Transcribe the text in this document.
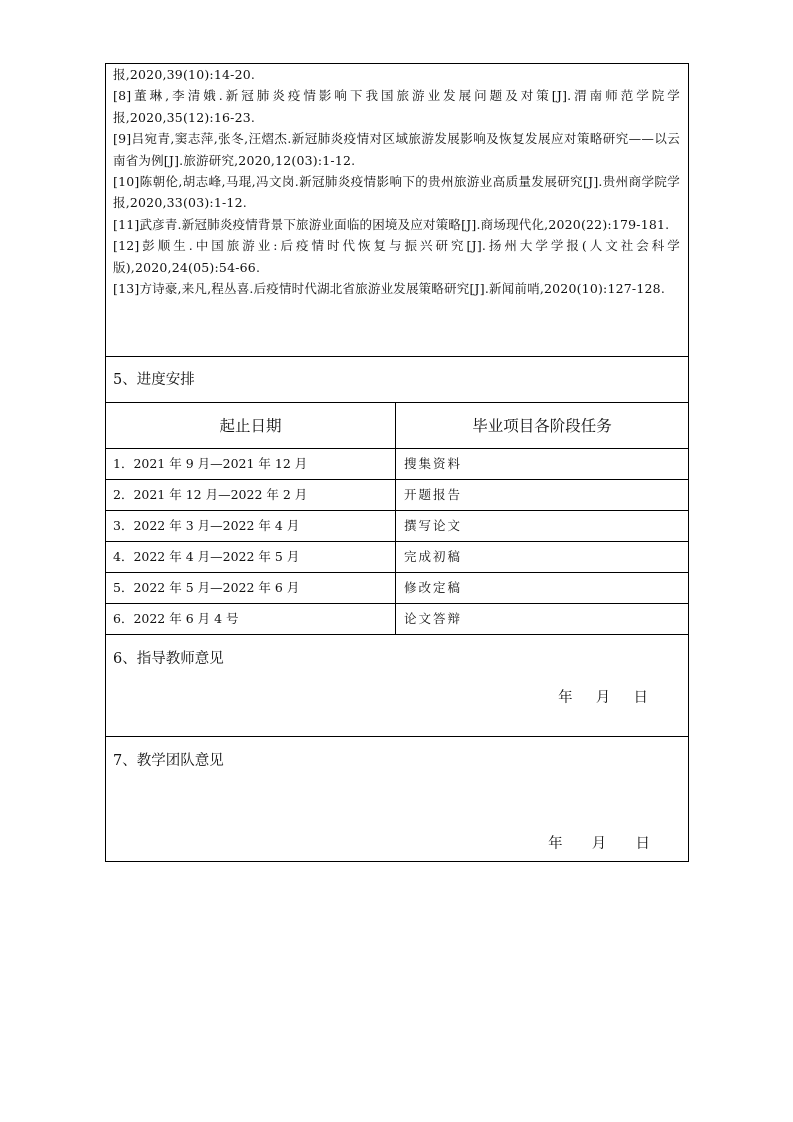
报,2020,39(10):14-20.
[8]董琳,李清娥.新冠肺炎疫情影响下我国旅游业发展问题及对策[J].渭南师范学院学报,2020,35(12):16-23.
[9]吕宛青,窦志萍,张冬,汪熠杰.新冠肺炎疫情对区域旅游发展影响及恢复发展应对策略研究——以云南省为例[J].旅游研究,2020,12(03):1-12.
[10]陈朝伦,胡志峰,马琨,冯文岗.新冠肺炎疫情影响下的贵州旅游业高质量发展研究[J].贵州商学院学报,2020,33(03):1-12.
[11]武彦青.新冠肺炎疫情背景下旅游业面临的困境及应对策略[J].商场现代化,2020(22):179-181.
[12]彭顺生.中国旅游业:后疫情时代恢复与振兴研究[J].扬州大学学报(人文社会科学版),2020,24(05):54-66.
[13]方诗豪,来凡,程丛喜.后疫情时代湖北省旅游业发展策略研究[J].新闻前哨,2020(10):127-128.
5、进度安排
起止日期	毕业项目各阶段任务
1．2021 年 9 月—2021 年 12 月	搜集资料
2．2021 年 12 月—2022 年 2 月	开题报告
3．2022 年 3 月—2022 年 4 月	撰写论文
4．2022 年 4 月—2022 年 5 月	完成初稿
5．2022 年 5 月—2022 年 6 月	修改定稿
6．2022 年 6 月 4 号	论文答辩
6、指导教师意见
年 月 日
7、教学团队意见
年 月 日
